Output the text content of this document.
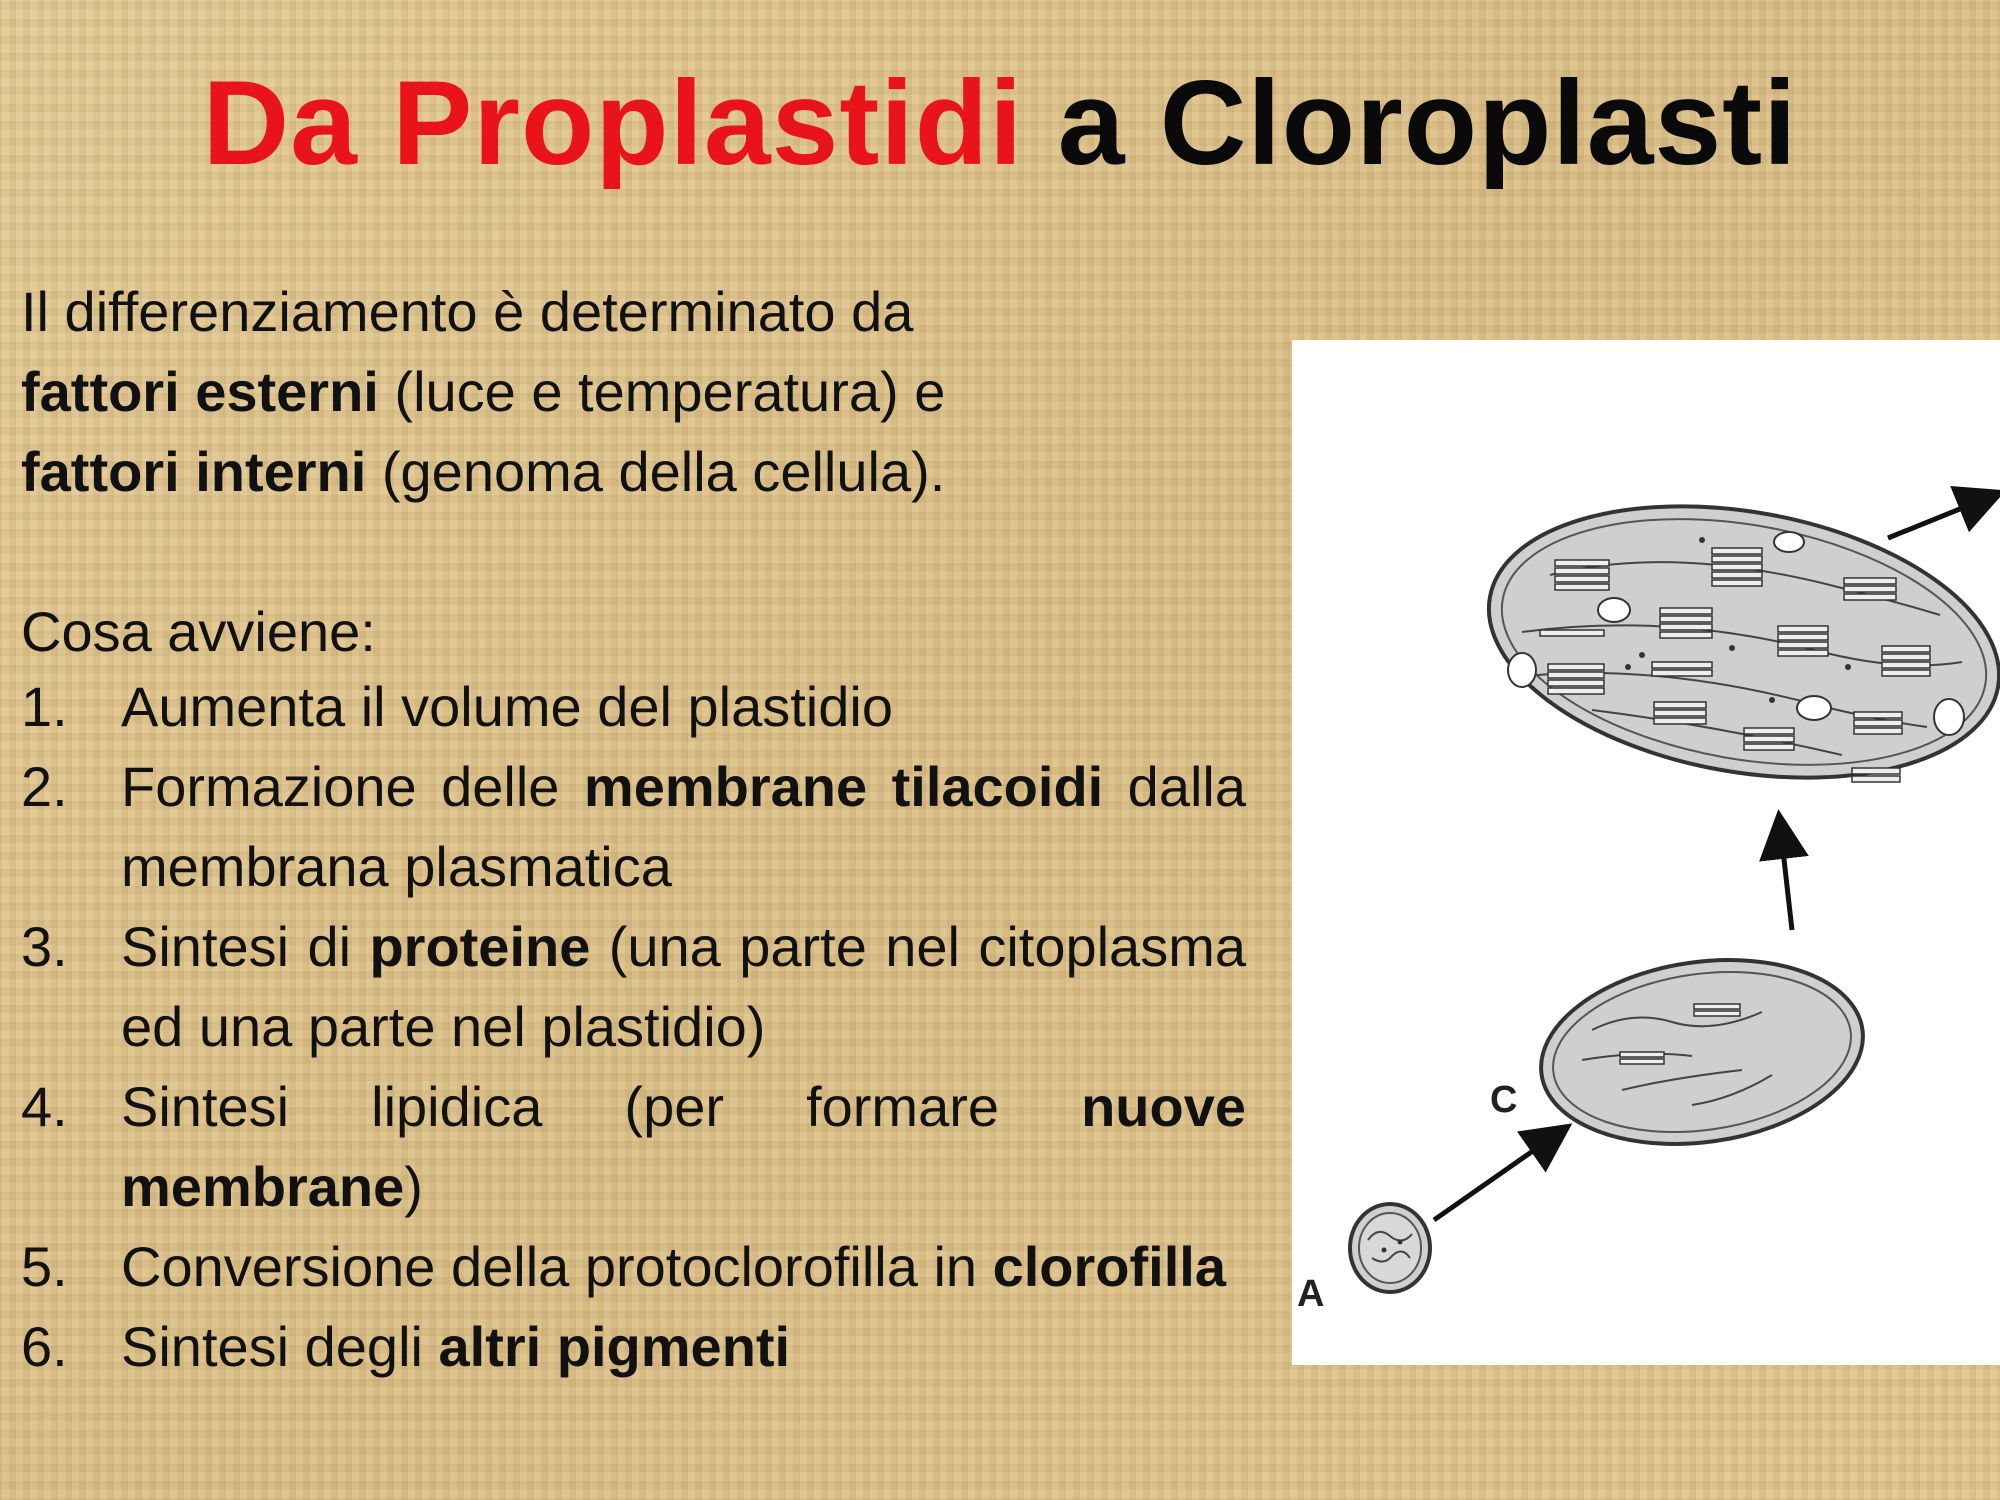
Da Proplastidi a Cloroplasti
Il differenziamento è determinato da
fattori esterni (luce e temperatura) e
fattori interni (genoma della cellula).
Cosa avviene:
1. Aumenta il volume del plastidio
2. Formazione delle membrane tilacoidi dalla membrana plasmatica
3. Sintesi di proteine (una parte nel citoplasma ed una parte nel plastidio)
4. Sintesi lipidica (per formare nuove membrane)
5. Conversione della protoclorofilla in clorofilla
6. Sintesi degli altri pigmenti
A
C
